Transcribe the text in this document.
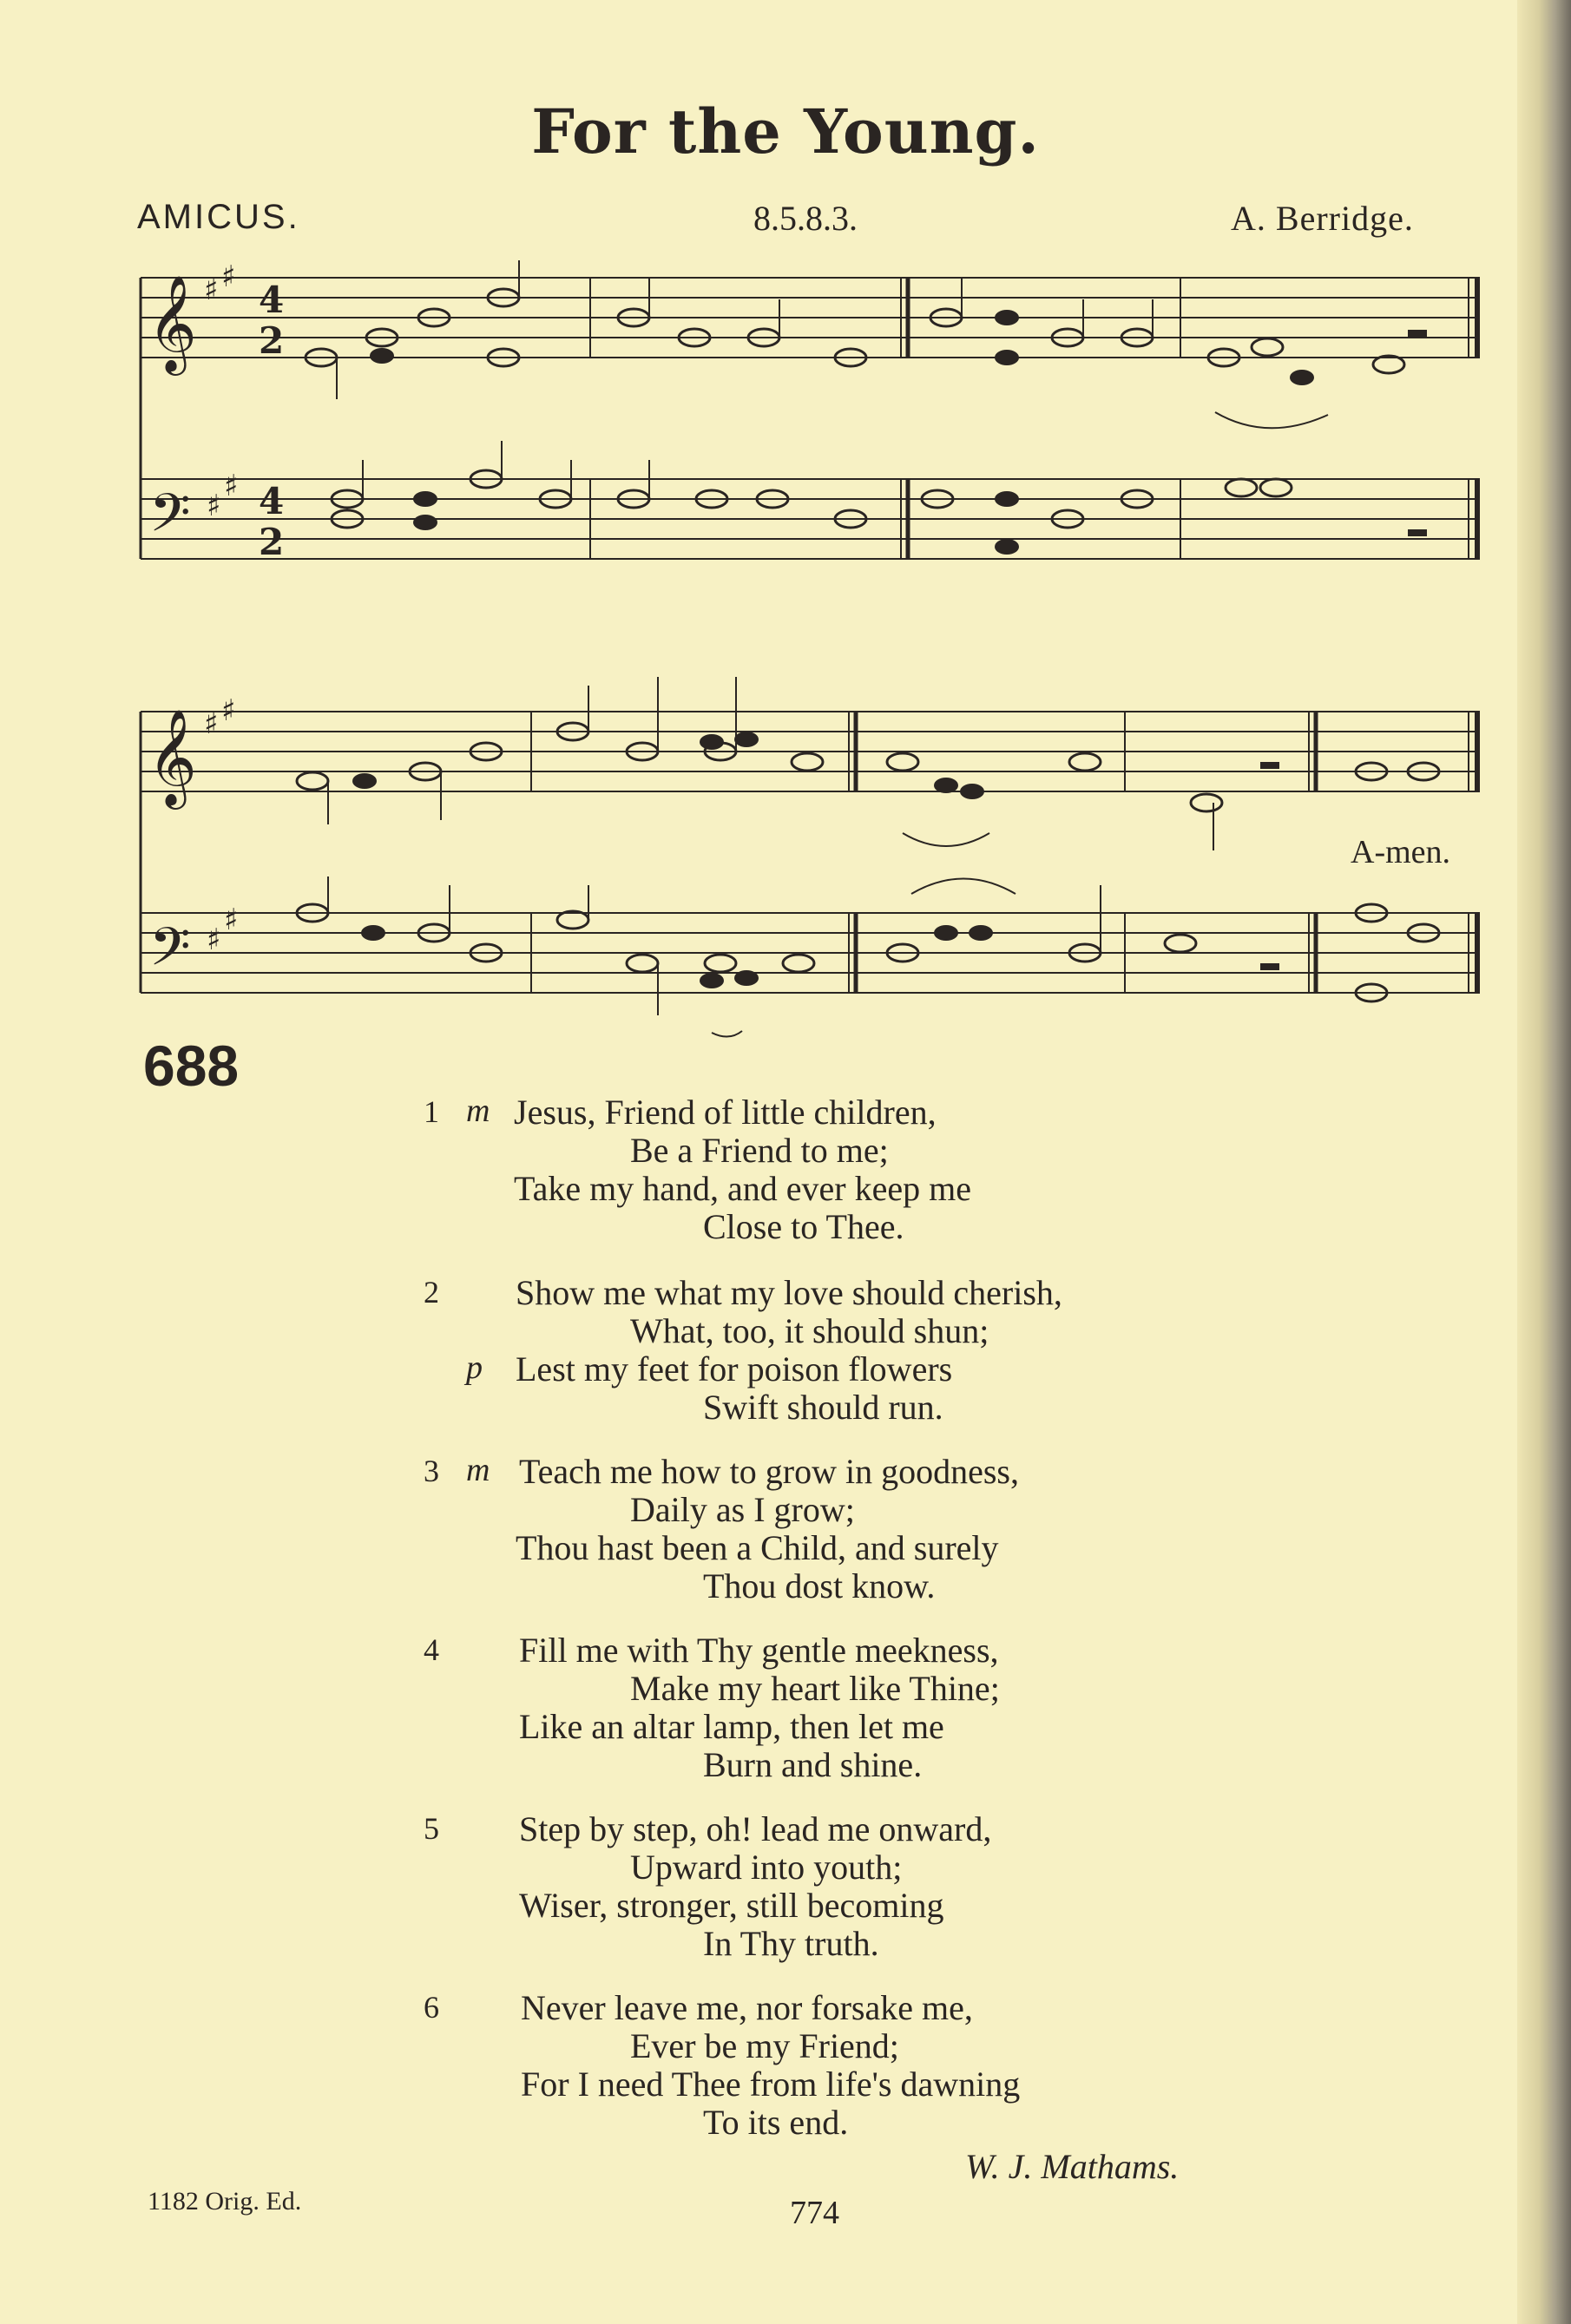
For the Young.
AMICUS.	8.5.8.3.	A. Berridge.
𝄞 ♯ ♯
4
2
𝄢 ♯
♯ 4
2
𝄞 ♯ ♯
𝄢 ♯
♯
A-men.
688
1 m Jesus, Friend of little children,
Be a Friend to me;
Take my hand, and ever keep me
Close to Thee.
2 Show me what my love should cherish,
What, too, it should shun;
p Lest my feet for poison flowers
Swift should run.
3 m Teach me how to grow in goodness,
Daily as I grow;
Thou hast been a Child, and surely
Thou dost know.
4 Fill me with Thy gentle meekness,
Make my heart like Thine;
Like an altar lamp, then let me
Burn and shine.
5 Step by step, oh! lead me onward,
Upward into youth;
Wiser, stronger, still becoming
In Thy truth.
6 Never leave me, nor forsake me,
Ever be my Friend;
For I need Thee from life's dawning
To its end.
W. J. Mathams.
1182 Orig. Ed.	774
